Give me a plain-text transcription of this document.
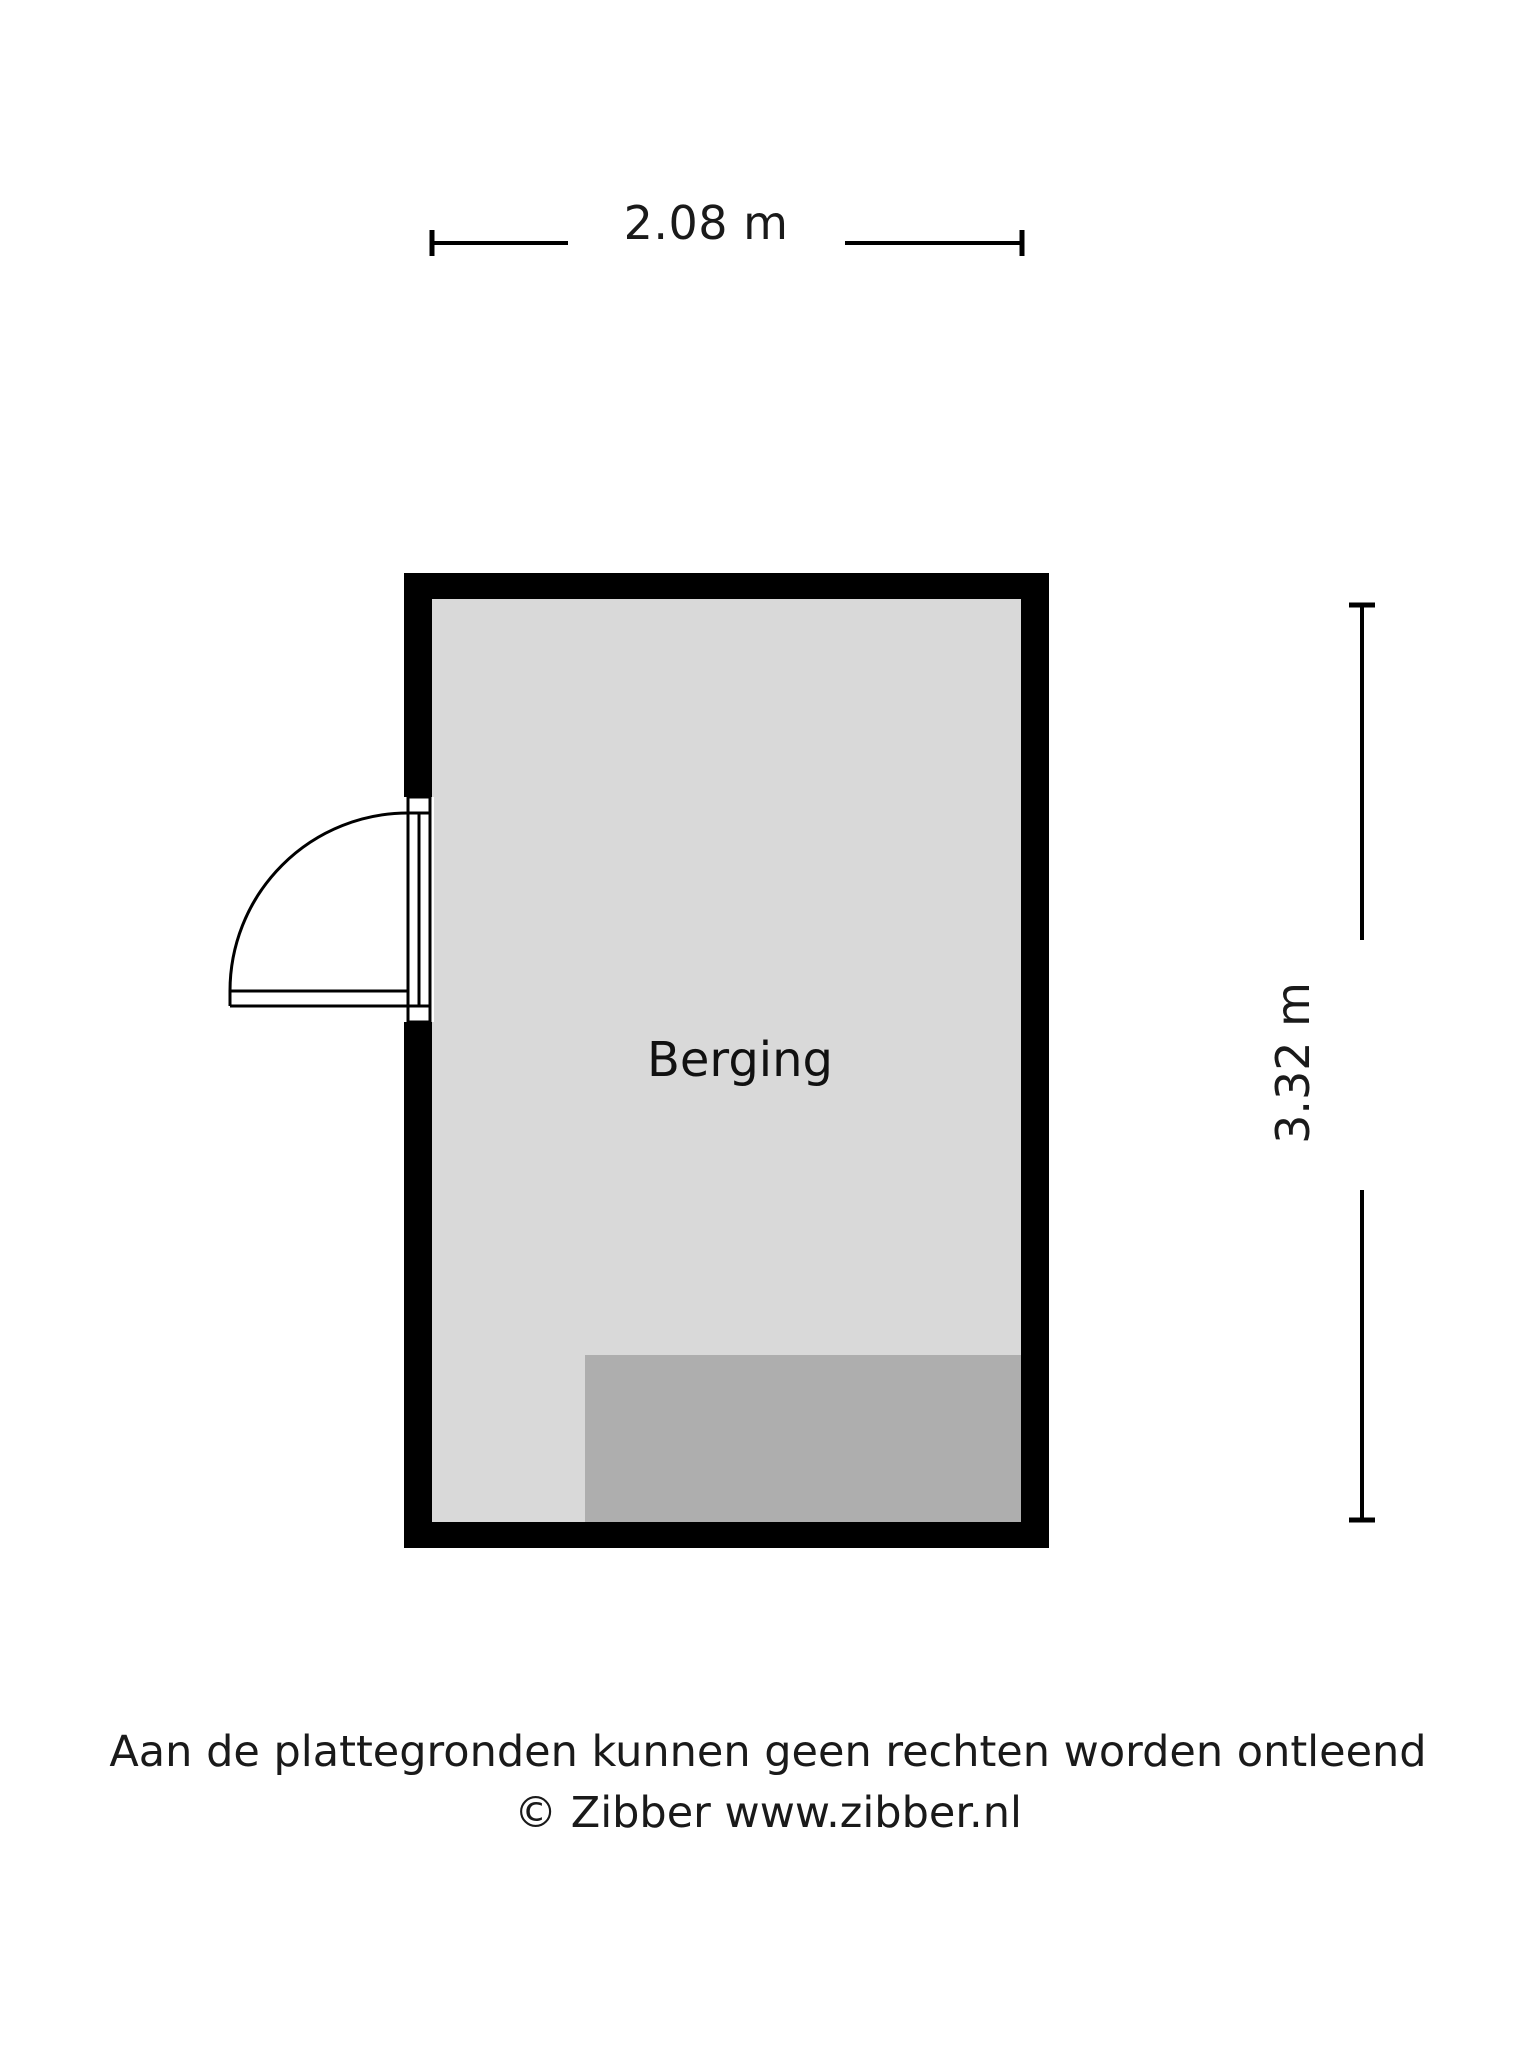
2.08 m
3.32 m
Berging
Aan de plattegronden kunnen geen rechten worden ontleend
© Zibber www.zibber.nl
